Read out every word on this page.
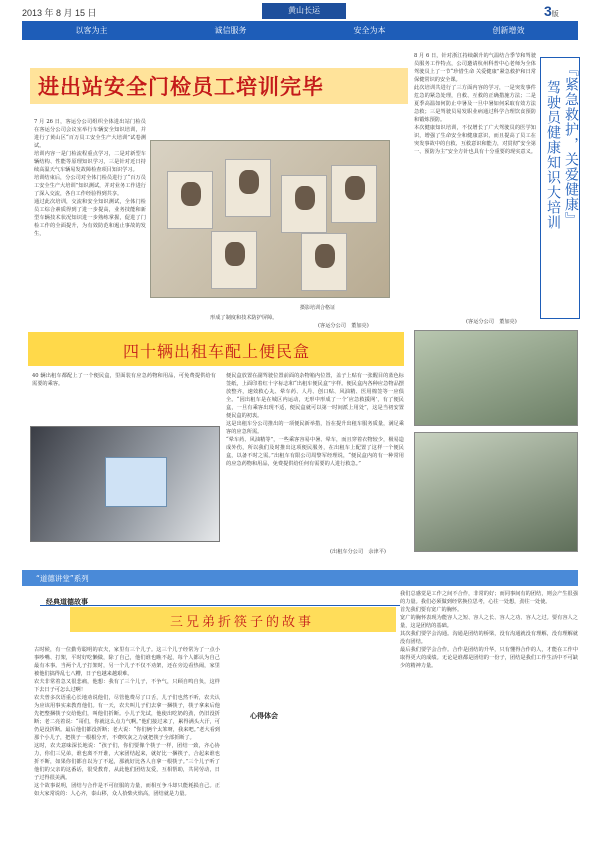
2013 年 8 月 15 日	黄山长运	3版
以客为主	诚信服务	安全为本	创新增效
进出站安全门检员工培训完毕
7 月 26 日，客运分公司组织全体进出站门检员在客运分公司会议室举行车辆安全知识培训，并进行了黄山区“百万员工安全生产大培训”试卷测试。
培训内容一是门检流程重点学习，二是对新型车辆结构、性能等原理知识学习，三是针对近日持续高温天气车辆易发故障检查项目知识学习。
培训结束后，分公司对全体门检员进行了“百万员工安全生产大培训”知识测试，并对业务工作进行了深入交流，各自工作经验得到共享。
通过此次培训，交流和安全知识测试，全体门检员工综合素质得到了进一步提高，业务技能和新型车辆技术状况知识进一步熟练掌握，促进了门检工作的全面提升，为有效防范和遏止事故的发生，
摄影培训合格证
形成了制度和技术防护屏障。
(客运分公司　董加亮)
8 月 6 日，针对浙江持续飙升的气温结合季节和驾驶员服务工作特点，公司邀请杭州科普中心老师为全体驾驶员上了一节“珍惜生命 关爱健康”紧急救护和日常保健常识的安全课。
此次培训共进行了三方面内容的学习，一是突发事件危急的紧急处理，自救、互救的正确措施方法；二是夏季高温如何防止中暑及一旦中暑如何采取有效方法急救；三是驾驶员易发职业病通过科学合理饮食预防和锻炼预防。
本次健康知识培训，不仅增长了广大驾驶员的医学知识，增强了生命安全和健康意识，而且提高了员工在突发事故中的自救、互救意识和能力，对贯彻“安全第一、预防为主”安全方针也具有十分重要的现实意义。 『紧急救护，关爱健康』
驾驶员健康知识大培训
(客运分公司　董加亮)
四十辆出租车配上便民盒
40 辆出租车都配上了一个便民盒，里面装有应急药物和用品，可免费提供给有需要的乘客。
便民盒放置在副驾驶位置前面的杂物箱内位置，盖子上贴有一张醒目的蓝色标签纸，上面印着红十字标志和“出租车便民盒”字样。便民盒内各种应急物品摆放整齐，速效救心丸、晕车药、人丹、创口贴、风油精、医用棉签等一应俱全。“因出租车是在城区内运动，无形中形成了一个‘应急救援网’，有了便民盒，一旦有乘客出现不适，便民盒就可以第一时间派上用处”，这是当初安置便民盒的初衷。
这是出租车分公司推出的一项便民新举措，旨在提升出租车服务质量，满足乘客的应急所需。
“晕车药、风油精等”，一些乘客容易中暑、晕车，而且穿着衣物较少，极易造成外伤，所以我们及时推出这项便民服务，在出租车上配置了这样一个便民盒，以备不时之需。”出租车有限公司周黎军经理说，“便民盒内的有一种常用的应急药物和用品，免费提供给任何有需要的人进行救急。”
(出租车分公司　余津平)
“道德讲堂”系列
经典道德故事
三兄弟折筷子的故事
古时候，有一位勤劳聪明的农夫，家里有三个儿子。这三个儿子经常为了一点小事吵嘴、打架，平时好吃懒做，除了自己，他们谁也瞧不起，每个人都认为自己最有本事。当两个儿子打架时，另一个儿子不仅不劝架，还在旁边看热闹，家里被他们搞得乱七八糟，日子也越来越艰难。
农夫非常着急又很悲痛，他想：我有了三个儿子，不争气，只顾自鸣自负，这样下去日子可怎么过啊！
农夫曾多次语重心长地劝说他们，尽管他费尽了口舌，儿子们也然不听，农夫认为应该用事实来教育他们。有一天，农夫叫儿子们去拿一捆筷子，筷子拿来后他先把整捆筷子交给他们，叫他们折断。小儿子先试，他使出吃奶的劲，仍旧没折断；老二亮着说：“哥们，你就这么点力气啊。”他们接过来了，累得满头大汗，可仍是没折断。最后他们都没折断；老大说：“你们俩个太笨呀，我来吧。”老大看到那个小儿子，把筷子一根根分开，不费吹灰之力就把筷子全部折断了。
这时，农夫意味深长地说：“孩子们，你们要像个筷子一样，团结一致，齐心协力，你们三兄弟，谁也离不开谁，大家团结起来，就好比一捆筷子，合起来谁也折不断，如果你们都自以为了不起，那就好比各人自拿一根筷子。”三个儿子听了他们的父亲的这番话，很受教育，从此他们团结友爱，互相帮助，共同劳动，日子过得很美满。
这个故事说明，团结与合作是不可征服的力量，而相互争斗却只能耗损自己。正如大家常说的：人心齐，泰山移，众人拾柴火焰高，团结就是力量。
心得体会
我们总感觉是工作之间不合作，非常的好；而同事间有的团结，则会产生很强的力量。我们必须做到经常换位思考，心往一处想，劲往一处使。
首先我们要有宽广的胸怀。
宽广的胸怀表现为能容人之短、容人之长、容人之功、容人之过。要有容人之量，这是团结的基础。
其次我们要学会沟通。沟通是团结的桥梁，没有沟通就没有理解，没有理解就没有团结。
最后我们要学会合作。合作是团结的升华，只有懂得合作的人，才能在工作中取得更大的成绩。无论是谁都是团结的一份子，团结是我们工作生活中不可缺少的精神力量。
